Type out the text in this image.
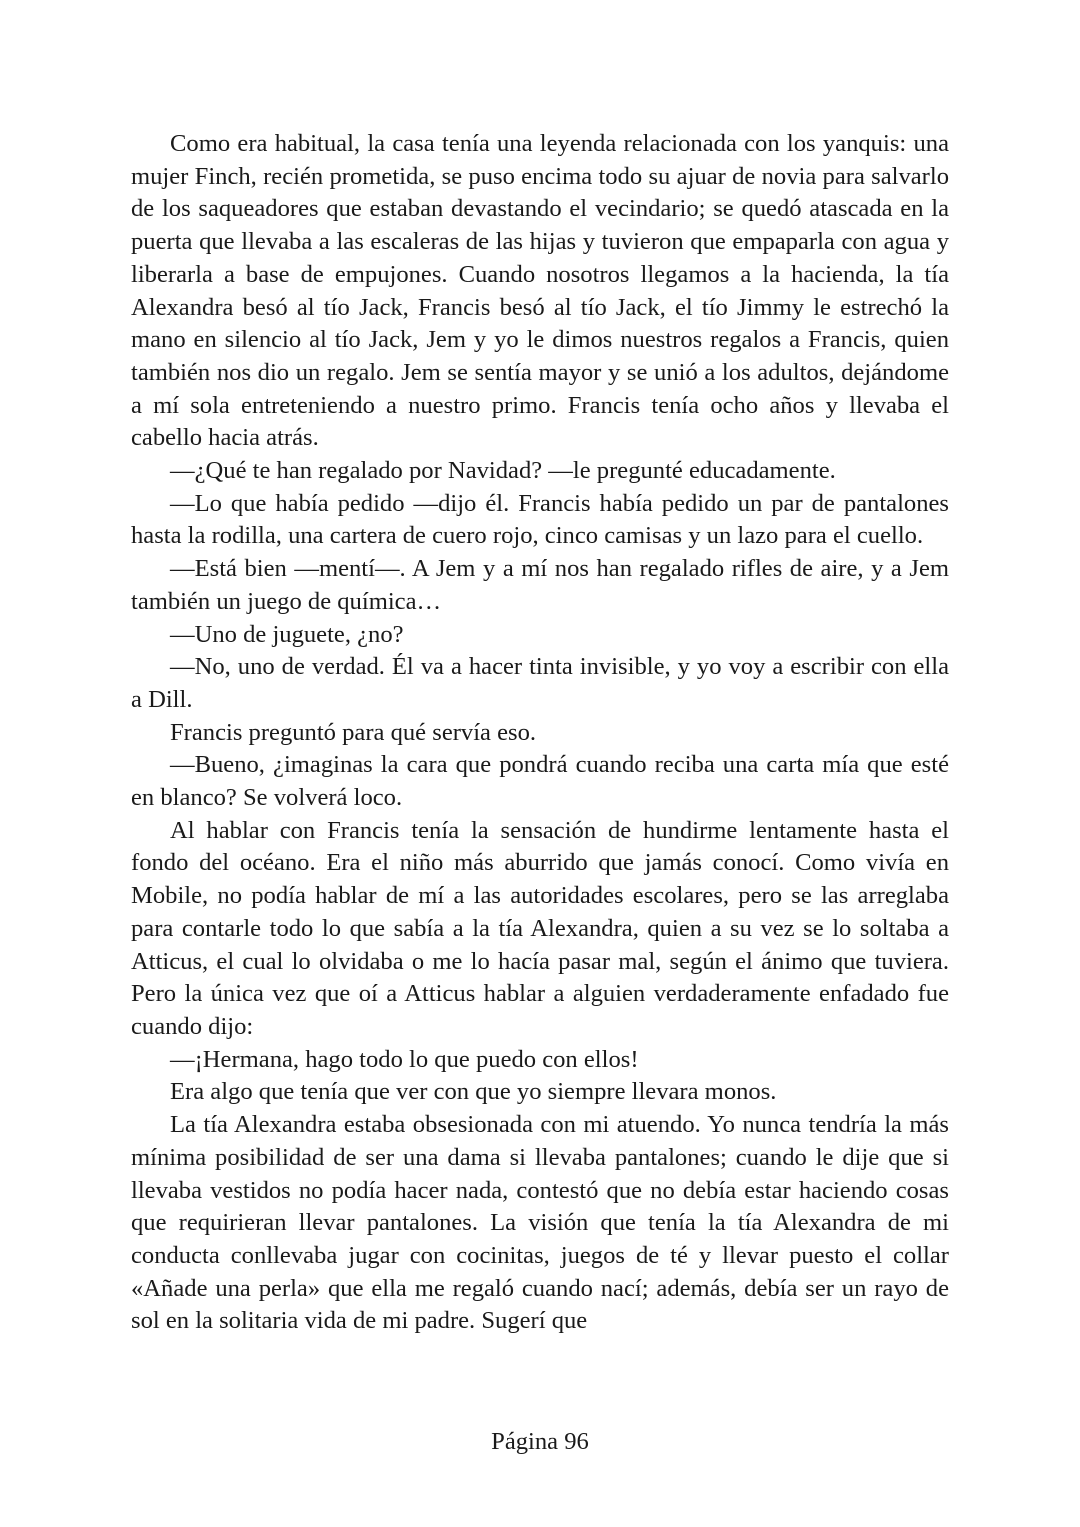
Como era habitual, la casa tenía una leyenda relacionada con los yanquis: una mujer Finch, recién prometida, se puso encima todo su ajuar de novia para salvarlo de los saqueadores que estaban devastando el vecindario; se quedó atascada en la puerta que llevaba a las escaleras de las hijas y tuvieron que empaparla con agua y liberarla a base de empujones. Cuando nosotros llegamos a la hacienda, la tía Alexandra besó al tío Jack, Francis besó al tío Jack, el tío Jimmy le estrechó la mano en silencio al tío Jack, Jem y yo le dimos nuestros regalos a Francis, quien también nos dio un regalo. Jem se sentía mayor y se unió a los adultos, dejándome a mí sola entreteniendo a nuestro primo. Francis tenía ocho años y llevaba el cabello hacia atrás.

—¿Qué te han regalado por Navidad? —le pregunté educadamente.

—Lo que había pedido —dijo él. Francis había pedido un par de pantalones hasta la rodilla, una cartera de cuero rojo, cinco camisas y un lazo para el cuello.

—Está bien —mentí—. A Jem y a mí nos han regalado rifles de aire, y a Jem también un juego de química…

—Uno de juguete, ¿no?

—No, uno de verdad. Él va a hacer tinta invisible, y yo voy a escribir con ella a Dill.

Francis preguntó para qué servía eso.

—Bueno, ¿imaginas la cara que pondrá cuando reciba una carta mía que esté en blanco? Se volverá loco.

Al hablar con Francis tenía la sensación de hundirme lentamente hasta el fondo del océano. Era el niño más aburrido que jamás conocí. Como vivía en Mobile, no podía hablar de mí a las autoridades escolares, pero se las arreglaba para contarle todo lo que sabía a la tía Alexandra, quien a su vez se lo soltaba a Atticus, el cual lo olvidaba o me lo hacía pasar mal, según el ánimo que tuviera. Pero la única vez que oí a Atticus hablar a alguien verdaderamente enfadado fue cuando dijo:

—¡Hermana, hago todo lo que puedo con ellos!

Era algo que tenía que ver con que yo siempre llevara monos.

La tía Alexandra estaba obsesionada con mi atuendo. Yo nunca tendría la más mínima posibilidad de ser una dama si llevaba pantalones; cuando le dije que si llevaba vestidos no podía hacer nada, contestó que no debía estar haciendo cosas que requirieran llevar pantalones. La visión que tenía la tía Alexandra de mi conducta conllevaba jugar con cocinitas, juegos de té y llevar puesto el collar «Añade una perla» que ella me regaló cuando nací; además, debía ser un rayo de sol en la solitaria vida de mi padre. Sugerí que

Página 96
